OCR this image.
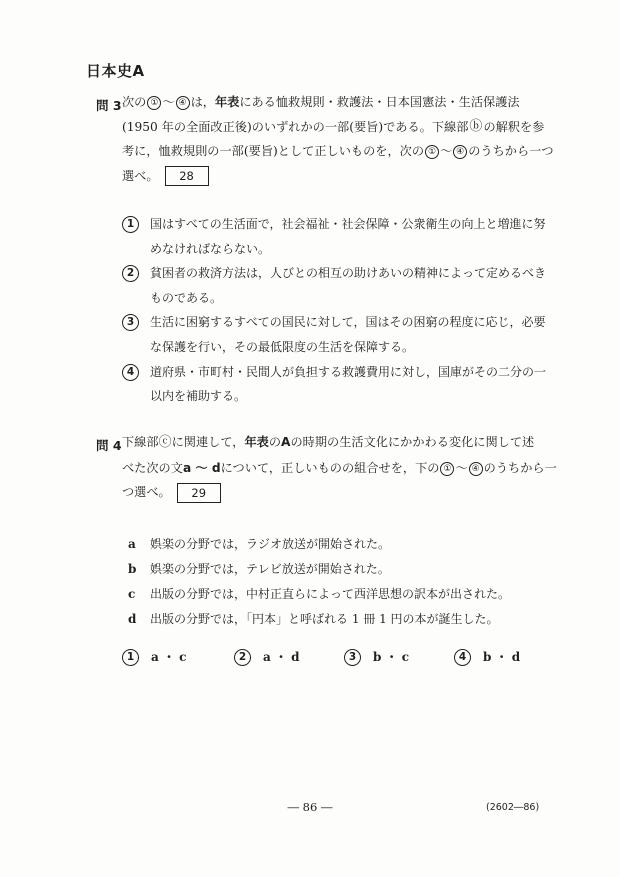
日本史A
問 3 次の ① ～ ④ は，年表にある恤救規則・救護法・日本国憲法・生活保護法

(1950 年の全面改正後)のいずれかの一部(要旨)である。下線部ⓑの解釈を参

考に，恤救規則の一部(要旨)として正しいものを，次の ① ～ ④ のうちから一つ

選べ。 28

1	国はすべての生活面で，社会福祉・社会保障・公衆衛生の向上と増進に努

めなければならない。

2	貧困者の救済方法は，人びとの相互の助けあいの精神によって定めるべき

ものである。

3	生活に困窮するすべての国民に対して，国はその困窮の程度に応じ，必要

な保護を行い，その最低限度の生活を保障する。

4	道府県・市町村・民間人が負担する救護費用に対し，国庫がその二分の一

以内を補助する。

問 4 下線部ⓒに関連して，年表のAの時期の生活文化にかかわる変化に関して述

べた次の文a ～ dについて，正しいものの組合せを，下の ① ～ ④ のうちから一

つ選べ。 29

a 娯楽の分野では，ラジオ放送が開始された。
b 娯楽の分野では，テレビ放送が開始された。
c 出版の分野では，中村正直らによって西洋思想の訳本が出された。
d 出版の分野では，「円本」と呼ばれる 1 冊 1 円の本が誕生した。
1 a ・ c	2 a ・ d	3 b ・ c	4 b ・ d
― 86 ―	(2602―86)
